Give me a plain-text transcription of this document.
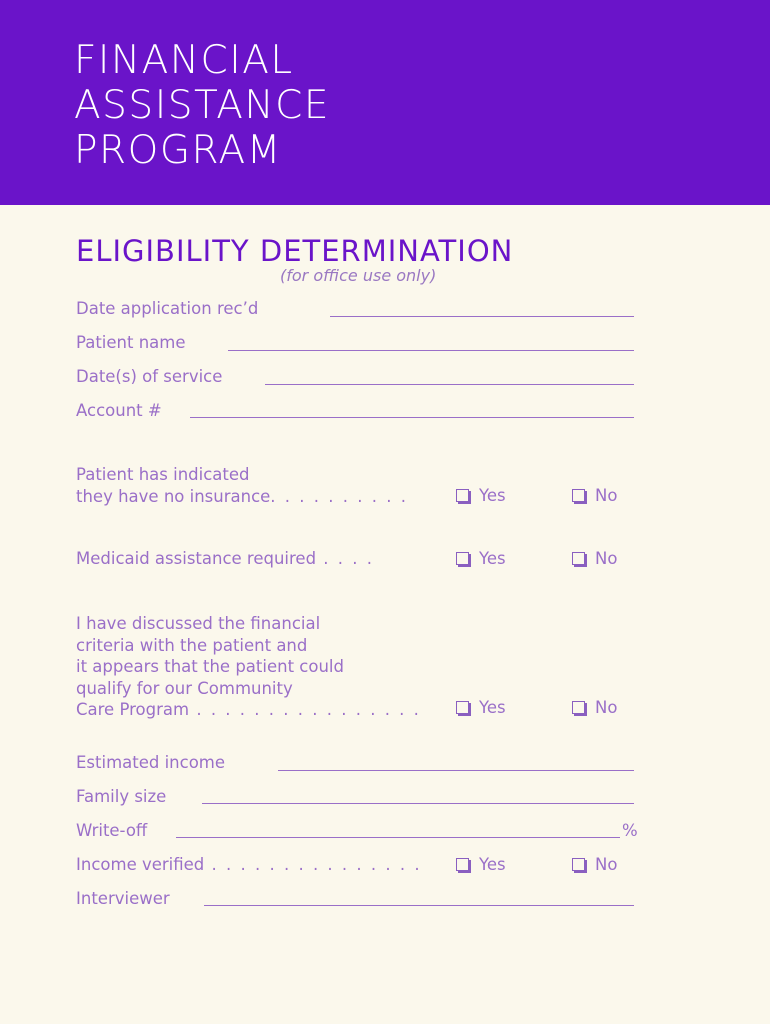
FINANCIAL
ASSISTANCE
PROGRAM
ELIGIBILITY DETERMINATION
(for office use only)
Date application rec’d
Patient name
Date(s) of service
Account #
Patient has indicated
they have no insurance. . . . . . . . . .	Yes	No
Medicaid assistance required . . . .	Yes	No
I have discussed the financial
criteria with the patient and
it appears that the patient could
qualify for our Community
Care Program . . . . . . . . . . . . . . . .	Yes	No
Estimated income
Family size
Write-off	%
Income verified . . . . . . . . . . . . . . .	Yes	No
Interviewer
